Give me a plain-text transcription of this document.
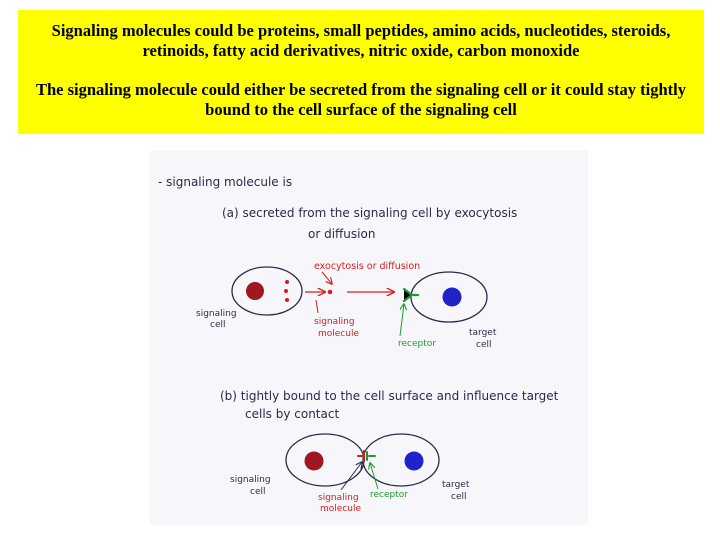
Signaling molecules could be proteins, small peptides, amino acids, nucleotides, steroids, retinoids, fatty acid derivatives, nitric oxide, carbon monoxide

The signaling molecule could either be secreted from the signaling cell or it could stay tightly bound to the cell surface of the signaling cell

- signaling molecule is
(a) secreted from the signaling cell by exocytosis
or diffusion
exocytosis or diffusion
signaling cell	signaling molecule
receptor
target cell
(b) tightly bound to the cell surface and influence target
cells by contact
signaling cell
signaling molecule
receptor
target cell
